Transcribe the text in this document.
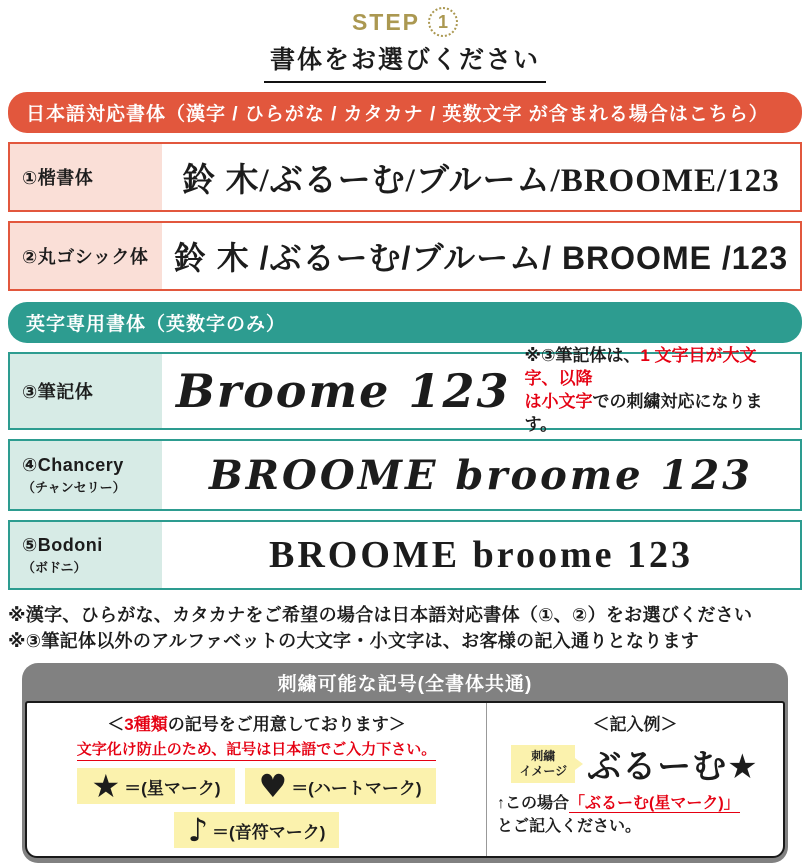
STEP 1
書体をお選びください
日本語対応書体（漢字 / ひらがな / カタカナ / 英数文字 が含まれる場合はこちら）
①楷書体	鈴 木/ぶるーむ/ブルーム/BROOME/123
②丸ゴシック体 鈴 木 /ぶるーむ/ブルーム/ BROOME /123
英字専用書体（英数字のみ）
③筆記体	Broome 123

※③筆記体は、1 文字目が大文字、以降
は小文字での刺繍対応になります。

④Chancery
（チャンセリー）	BROOME broome 123
⑤Bodoni
（ボドニ）	BROOME broome 123

※漢字、ひらがな、カタカナをご希望の場合は日本語対応書体（①、②）をお選びください

※③筆記体以外のアルファベットの大文字・小文字は、お客様の記入通りとなります

刺繍可能な記号(全書体共通)
＜3種類の記号をご用意しております＞
文字化け防止のため、記号は日本語でご入力下さい。
★ ＝(星マーク) ♥ ＝(ハートマーク)
♪ ＝(音符マーク)
＜記入例＞
刺繍
イメージ ぶるーむ★

↑この場合「ぶるーむ(星マーク)」
とご記入ください。
